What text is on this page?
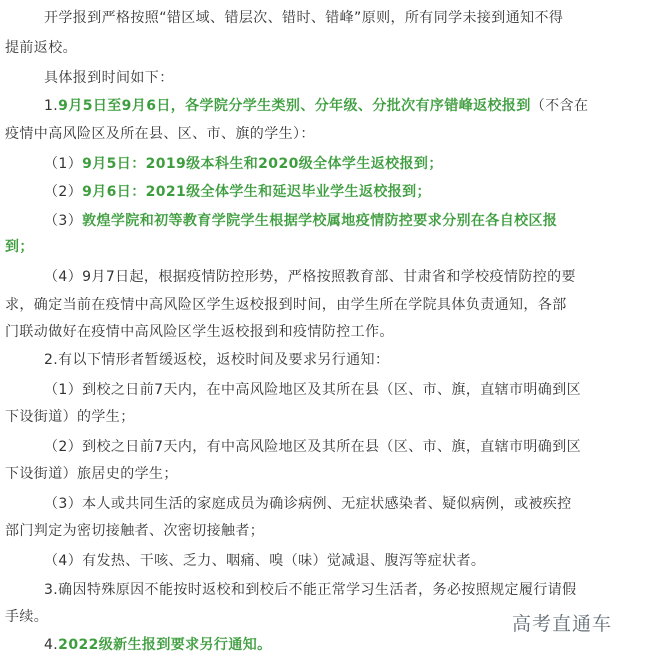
开学报到严格按照“错区域、错层次、错时、错峰”原则，所有同学未接到通知不得
提前返校。
具体报到时间如下：
1.9月5日至9月6日，各学院分学生类别、分年级、分批次有序错峰返校报到（不含在
疫情中高风险区及所在县、区、市、旗的学生）：
（1）9月5日：2019级本科生和2020级全体学生返校报到；
（2）9月6日：2021级全体学生和延迟毕业学生返校报到；
（3）敦煌学院和初等教育学院学生根据学校属地疫情防控要求分别在各自校区报
到；
（4）9月7日起，根据疫情防控形势，严格按照教育部、甘肃省和学校疫情防控的要
求，确定当前在疫情中高风险区学生返校报到时间，由学生所在学院具体负责通知，各部
门联动做好在疫情中高风险区学生返校报到和疫情防控工作。
2.有以下情形者暂缓返校，返校时间及要求另行通知：
（1）到校之日前7天内，在中高风险地区及其所在县（区、市、旗，直辖市明确到区
下设街道）的学生；
（2）到校之日前7天内，有中高风险地区及其所在县（区、市、旗，直辖市明确到区
下设街道）旅居史的学生；
（3）本人或共同生活的家庭成员为确诊病例、无症状感染者、疑似病例，或被疾控
部门判定为密切接触者、次密切接触者；
（4）有发热、干咳、乏力、咽痛、嗅（味）觉减退、腹泻等症状者。
3.确因特殊原因不能按时返校和到校后不能正常学习生活者，务必按照规定履行请假
手续。
4.2022级新生报到要求另行通知。
高考直通车
